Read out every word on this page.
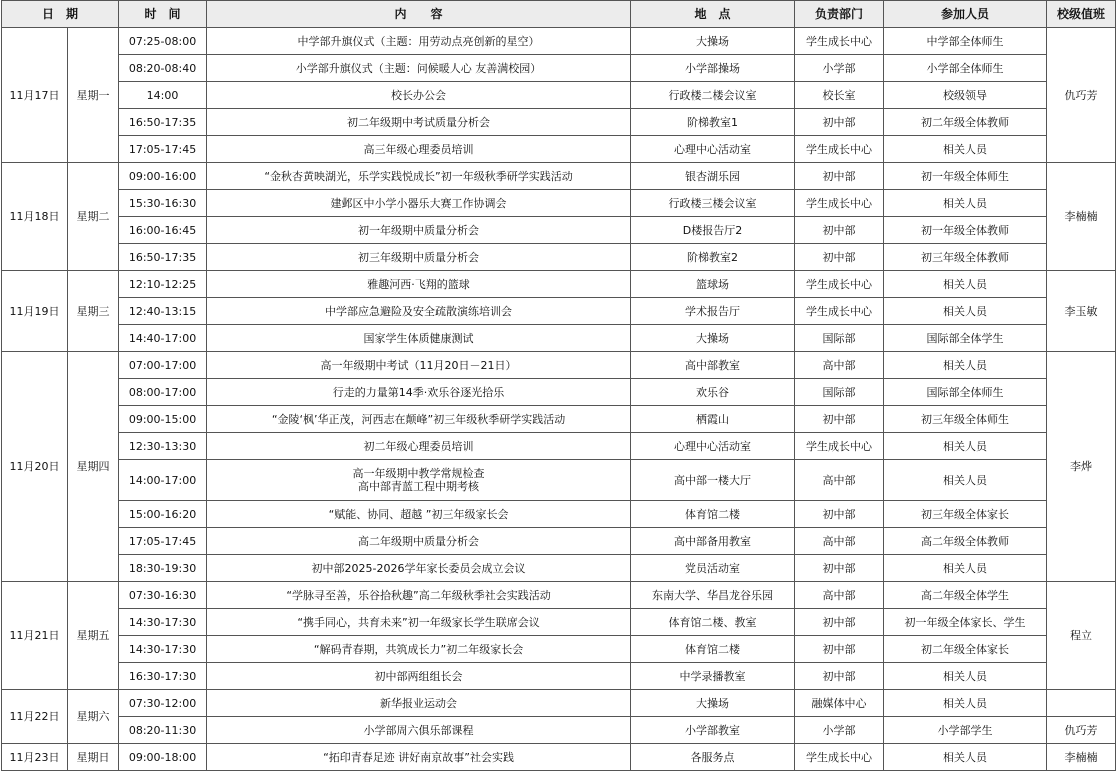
日　期		时　间	内　　容	地　点	负责部门	参加人员	校级值班
11月17日	星期一	07:25-08:00	中学部升旗仪式（主题：用劳动点亮创新的星空）	大操场	学生成长中心	中学部全体师生	仇巧芳
		08:20-08:40	小学部升旗仪式（主题：问候暖人心 友善满校园）	小学部操场	小学部	小学部全体师生	
		14:00	校长办公会	行政楼二楼会议室	校长室	校级领导	
		16:50-17:35	初二年级期中考试质量分析会	阶梯教室1	初中部	初二年级全体教师	
		17:05-17:45	高三年级心理委员培训	心理中心活动室	学生成长中心	相关人员	
11月18日	星期二	09:00-16:00	“金秋杏黄映湖光，乐学实践悦成长”初一年级秋季研学实践活动	银杏湖乐园	初中部	初一年级全体师生	李楠楠
		15:30-16:30	建邺区中小学小器乐大赛工作协调会	行政楼三楼会议室	学生成长中心	相关人员	
		16:00-16:45	初一年级期中质量分析会	D楼报告厅2	初中部	初一年级全体教师	
		16:50-17:35	初三年级期中质量分析会	阶梯教室2	初中部	初三年级全体教师	
11月19日	星期三	12:10-12:25	雅趣河西·飞翔的篮球	篮球场	学生成长中心	相关人员	李玉敏
		12:40-13:15	中学部应急避险及安全疏散演练培训会	学术报告厅	学生成长中心	相关人员	
		14:40-17:00	国家学生体质健康测试	大操场	国际部	国际部全体学生	
11月20日	星期四	07:00-17:00	高一年级期中考试（11月20日－21日）	高中部教室	高中部	相关人员	李烨
		08:00-17:00	行走的力量第14季·欢乐谷逐光拾乐	欢乐谷	国际部	国际部全体师生	
		09:00-15:00	“金陵‘枫’华正茂，河西志在颠峰”初三年级秋季研学实践活动	栖霞山	初中部	初三年级全体师生	
		12:30-13:30	初二年级心理委员培训	心理中心活动室	学生成长中心	相关人员	
		14:00-17:00	高一年级期中教学常规检查
高中部青蓝工程中期考核	高中部一楼大厅	高中部	相关人员	
		15:00-16:20	“赋能、协同、超越 ”初三年级家长会	体育馆二楼	初中部	初三年级全体家长	
		17:05-17:45	高二年级期中质量分析会	高中部备用教室	高中部	高二年级全体教师	
		18:30-19:30	初中部2025-2026学年家长委员会成立会议	党员活动室	初中部	相关人员	
11月21日	星期五	07:30-16:30	“学脉寻至善，乐谷拾秋趣”高二年级秋季社会实践活动	东南大学、华昌龙谷乐园	高中部	高二年级全体学生	程立
		14:30-17:30	“携手同心，共育未来”初一年级家长学生联席会议	体育馆二楼、教室	初中部	初一年级全体家长、学生	
		14:30-17:30	“解码青春期，共筑成长力”初二年级家长会	体育馆二楼	初中部	初二年级全体家长	
		16:30-17:30	初中部两组组长会	中学录播教室	初中部	相关人员	
11月22日	星期六	07:30-12:00	新华报业运动会	大操场	融媒体中心	相关人员	
		08:20-11:30	小学部周六俱乐部课程	小学部教室	小学部	小学部学生	仇巧芳
11月23日	星期日	09:00-18:00	“拓印青春足迹 讲好南京故事”社会实践	各服务点	学生成长中心	相关人员	李楠楠
